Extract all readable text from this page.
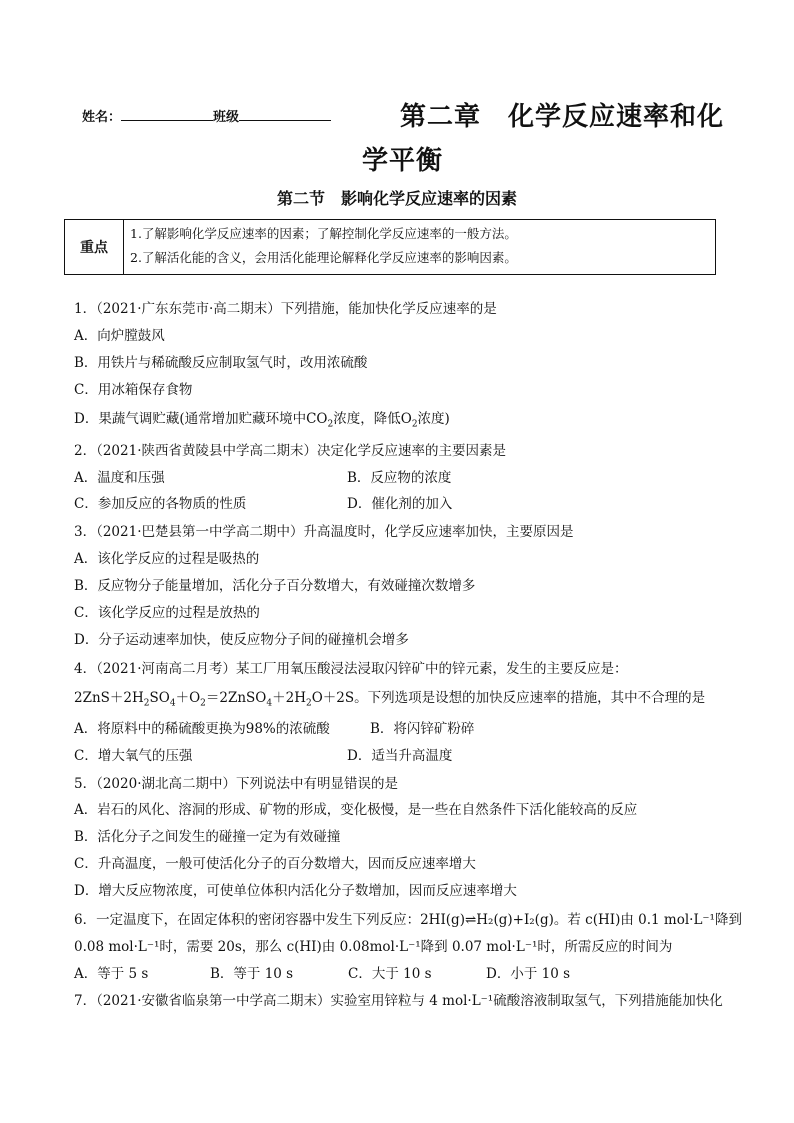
姓名：	班级	第二章　化学反应速率和化
学平衡
第二节　影响化学反应速率的因素
重点
1.了解影响化学反应速率的因素；了解控制化学反应速率的一般方法。
2.了解活化能的含义，会用活化能理论解释化学反应速率的影响因素。
1．（2021·广东东莞市·高二期末）下列措施，能加快化学反应速率的是
A．向炉膛鼓风
B．用铁片与稀硫酸反应制取氢气时，改用浓硫酸
C．用冰箱保存食物
D．果蔬气调贮藏(通常增加贮藏环境中$CO_2$浓度，降低$O_2$浓度)
2．（2021·陕西省黄陵县中学高二期末）决定化学反应速率的主要因素是
A．温度和压强	B．反应物的浓度
C．参加反应的各物质的性质	D．催化剂的加入
3．（2021·巴楚县第一中学高二期中）升高温度时，化学反应速率加快，主要原因是
A．该化学反应的过程是吸热的
B．反应物分子能量增加，活化分子百分数增大，有效碰撞次数增多
C．该化学反应的过程是放热的
D．分子运动速率加快，使反应物分子间的碰撞机会增多
4．（2021·河南高二月考）某工厂用氧压酸浸法浸取闪锌矿中的锌元素，发生的主要反应是：
$2ZnS+2H_2SO_4+O_2=2ZnSO_4+2H_2O+2S$。下列选项是设想的加快反应速率的措施，其中不合理的是
A．将原料中的稀硫酸更换为98%的浓硫酸	B．将闪锌矿粉碎
C．增大氧气的压强	D．适当升高温度
5．（2020·湖北高二期中）下列说法中有明显错误的是
A．岩石的风化、溶洞的形成、矿物的形成，变化极慢，是一些在自然条件下活化能较高的反应
B．活化分子之间发生的碰撞一定为有效碰撞
C．升高温度，一般可使活化分子的百分数增大，因而反应速率增大
D．增大反应物浓度，可使单位体积内活化分子数增加，因而反应速率增大
6．一定温度下，在固定体积的密闭容器中发生下列反应：2HI(g)⇌H₂(g)+I₂(g)。若 c(HI)由 0.1 mol·L⁻¹降到
0.08 mol·L⁻¹时，需要 20s，那么 c(HI)由 0.08mol·L⁻¹降到 0.07 mol·L⁻¹时，所需反应的时间为
A．等于 5 s	B．等于 10 s	C．大于 10 s	D．小于 10 s
7．（2021·安徽省临泉第一中学高二期末）实验室用锌粒与 4 mol·L⁻¹硫酸溶液制取氢气，下列措施能加快化
